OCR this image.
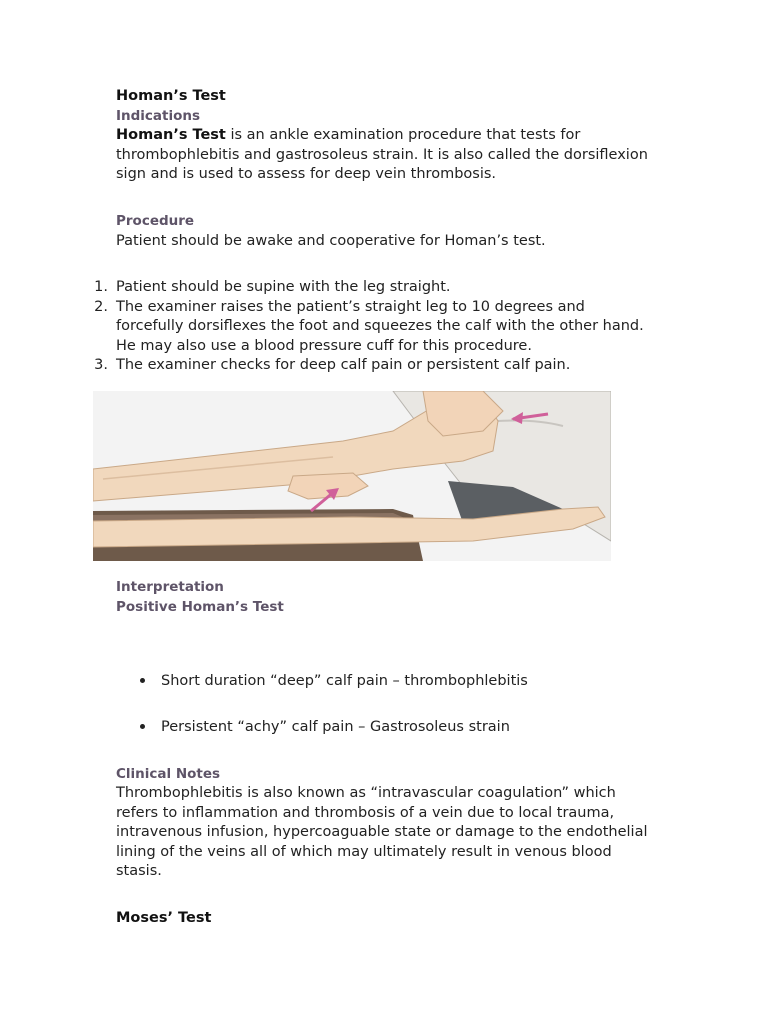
Homan’s Test
Indications

Homan’s Test is an ankle examination procedure that tests for thrombophlebitis and gastrosoleus strain. It is also called the dorsiflexion sign and is used to assess for deep vein thrombosis.

Procedure
Patient should be awake and cooperative for Homan’s test.
1. Patient should be supine with the leg straight.
2. The examiner raises the patient’s straight leg to 10 degrees and forcefully dorsiflexes the foot and squeezes the calf with the other hand. He may also use a blood pressure cuff for this procedure.
3. The examiner checks for deep calf pain or persistent calf pain.
Interpretation
Positive Homan’s Test
Short duration “deep” calf pain – thrombophlebitis
Persistent “achy” calf pain – Gastrosoleus strain
Clinical Notes

Thrombophlebitis is also known as “intravascular coagulation” which refers to inflammation and thrombosis of a vein due to local trauma, intravenous infusion, hypercoaguable state or damage to the endothelial lining of the veins all of which may ultimately result in venous blood stasis.

Moses’ Test
